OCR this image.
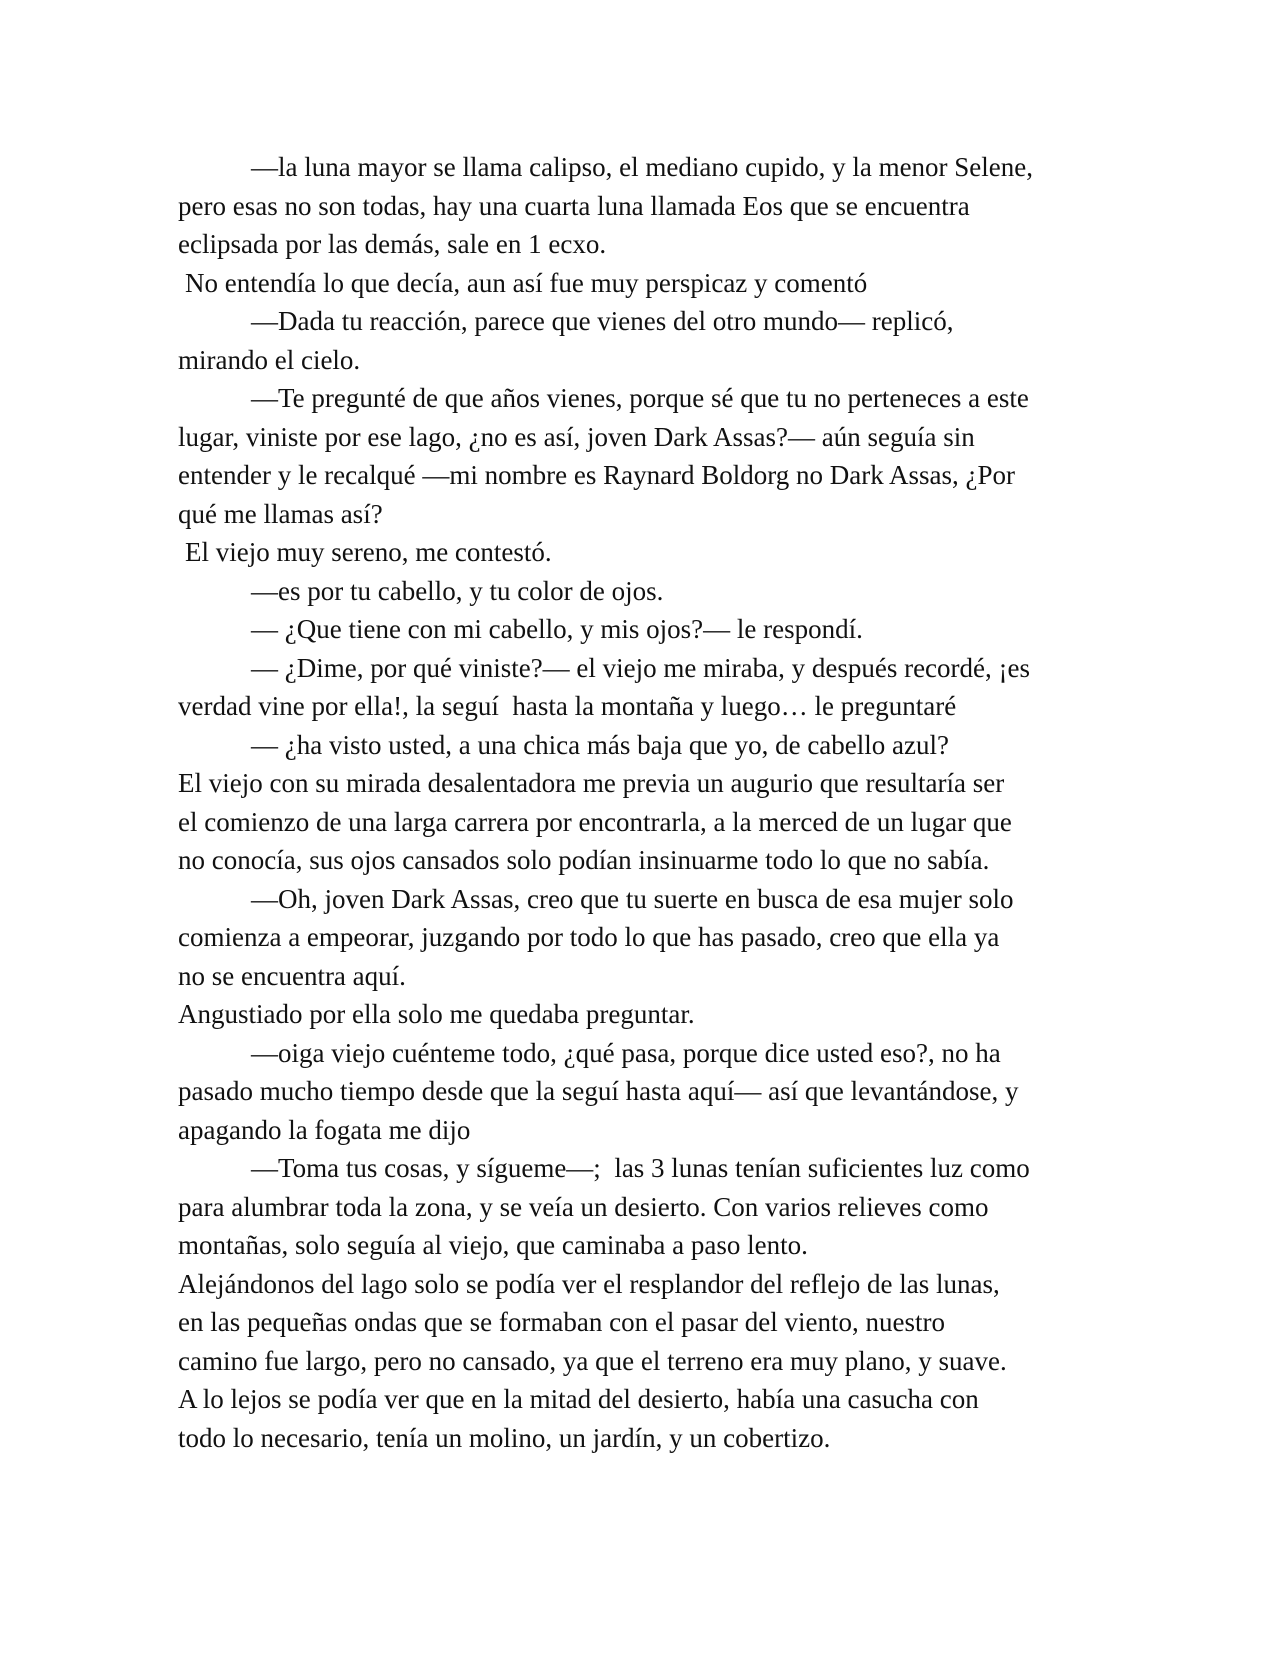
—la luna mayor se llama calipso, el mediano cupido, y la menor Selene,
pero esas no son todas, hay una cuarta luna llamada Eos que se encuentra
eclipsada por las demás, sale en 1 ecxo.
No entendía lo que decía, aun así fue muy perspicaz y comentó
—Dada tu reacción, parece que vienes del otro mundo— replicó,
mirando el cielo.
—Te pregunté de que años vienes, porque sé que tu no perteneces a este
lugar, viniste por ese lago, ¿no es así, joven Dark Assas?— aún seguía sin
entender y le recalqué —mi nombre es Raynard Boldorg no Dark Assas, ¿Por
qué me llamas así?
El viejo muy sereno, me contestó.
—es por tu cabello, y tu color de ojos.
— ¿Que tiene con mi cabello, y mis ojos?— le respondí.
— ¿Dime, por qué viniste?— el viejo me miraba, y después recordé, ¡es
verdad vine por ella!, la seguí  hasta la montaña y luego… le preguntaré
— ¿ha visto usted, a una chica más baja que yo, de cabello azul?
El viejo con su mirada desalentadora me previa un augurio que resultaría ser
el comienzo de una larga carrera por encontrarla, a la merced de un lugar que
no conocía, sus ojos cansados solo podían insinuarme todo lo que no sabía.
—Oh, joven Dark Assas, creo que tu suerte en busca de esa mujer solo
comienza a empeorar, juzgando por todo lo que has pasado, creo que ella ya
no se encuentra aquí.
Angustiado por ella solo me quedaba preguntar.
—oiga viejo cuénteme todo, ¿qué pasa, porque dice usted eso?, no ha
pasado mucho tiempo desde que la seguí hasta aquí— así que levantándose, y
apagando la fogata me dijo
—Toma tus cosas, y sígueme—;  las 3 lunas tenían suficientes luz como
para alumbrar toda la zona, y se veía un desierto. Con varios relieves como
montañas, solo seguía al viejo, que caminaba a paso lento.
Alejándonos del lago solo se podía ver el resplandor del reflejo de las lunas,
en las pequeñas ondas que se formaban con el pasar del viento, nuestro
camino fue largo, pero no cansado, ya que el terreno era muy plano, y suave.
A lo lejos se podía ver que en la mitad del desierto, había una casucha con
todo lo necesario, tenía un molino, un jardín, y un cobertizo.
